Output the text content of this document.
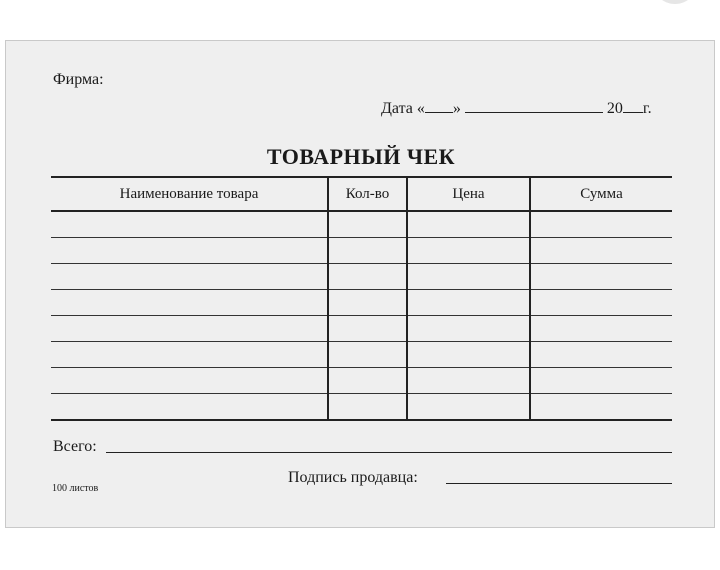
Фирма:
Дата « »	20 г.
ТОВАРНЫЙ ЧЕК
Наименование товара	Кол-во	Цена	Сумма

Всего:
Подпись продавца:
100 листов
